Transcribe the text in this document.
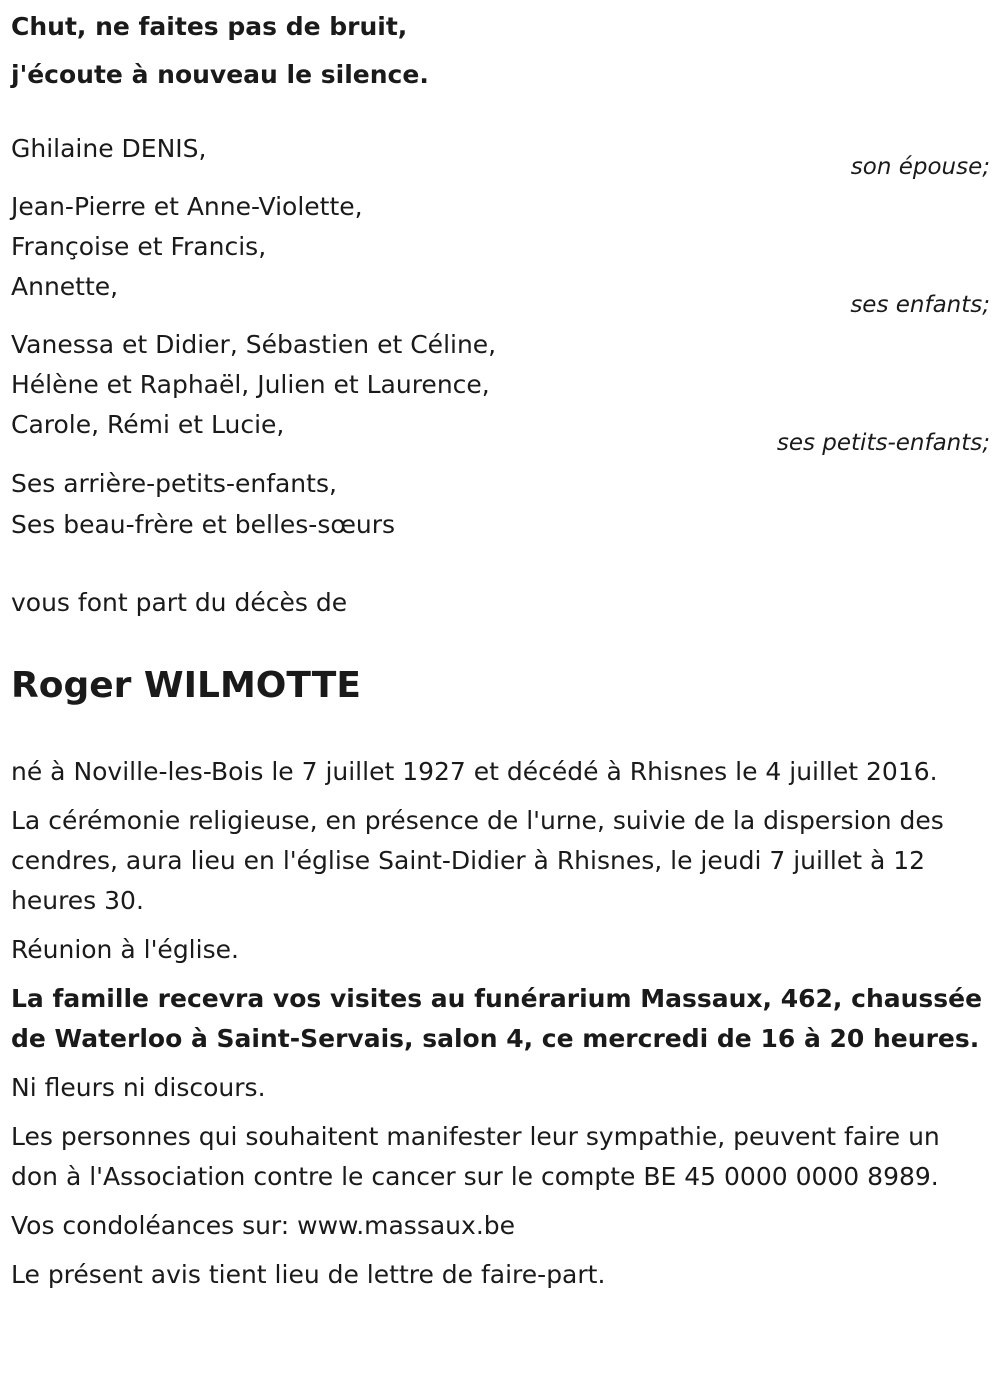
Chut, ne faites pas de bruit,

j'écoute à nouveau le silence.

Ghilaine DENIS,
son épouse;
Jean-Pierre et Anne-Violette,
Françoise et Francis,
Annette,
ses enfants;
Vanessa et Didier, Sébastien et Céline,
Hélène et Raphaël, Julien et Laurence,
Carole, Rémi et Lucie,
ses petits-enfants;
Ses arrière-petits-enfants,
Ses beau-frère et belles-sœurs
vous font part du décès de
Roger WILMOTTE

né à Noville-les-Bois le 7 juillet 1927 et décédé à Rhisnes le 4 juillet 2016.

La cérémonie religieuse, en présence de l'urne, suivie de la dispersion des cendres, aura lieu en l'église Saint-Didier à Rhisnes, le jeudi 7 juillet à 12 heures 30.

Réunion à l'église.

La famille recevra vos visites au funérarium Massaux, 462, chaussée de Waterloo à Saint-Servais, salon 4, ce mercredi de 16 à 20 heures.

Ni fleurs ni discours.

Les personnes qui souhaitent manifester leur sympathie, peuvent faire un don à l'Association contre le cancer sur le compte BE 45 0000 0000 8989.

Vos condoléances sur: www.massaux.be

Le présent avis tient lieu de lettre de faire-part.
